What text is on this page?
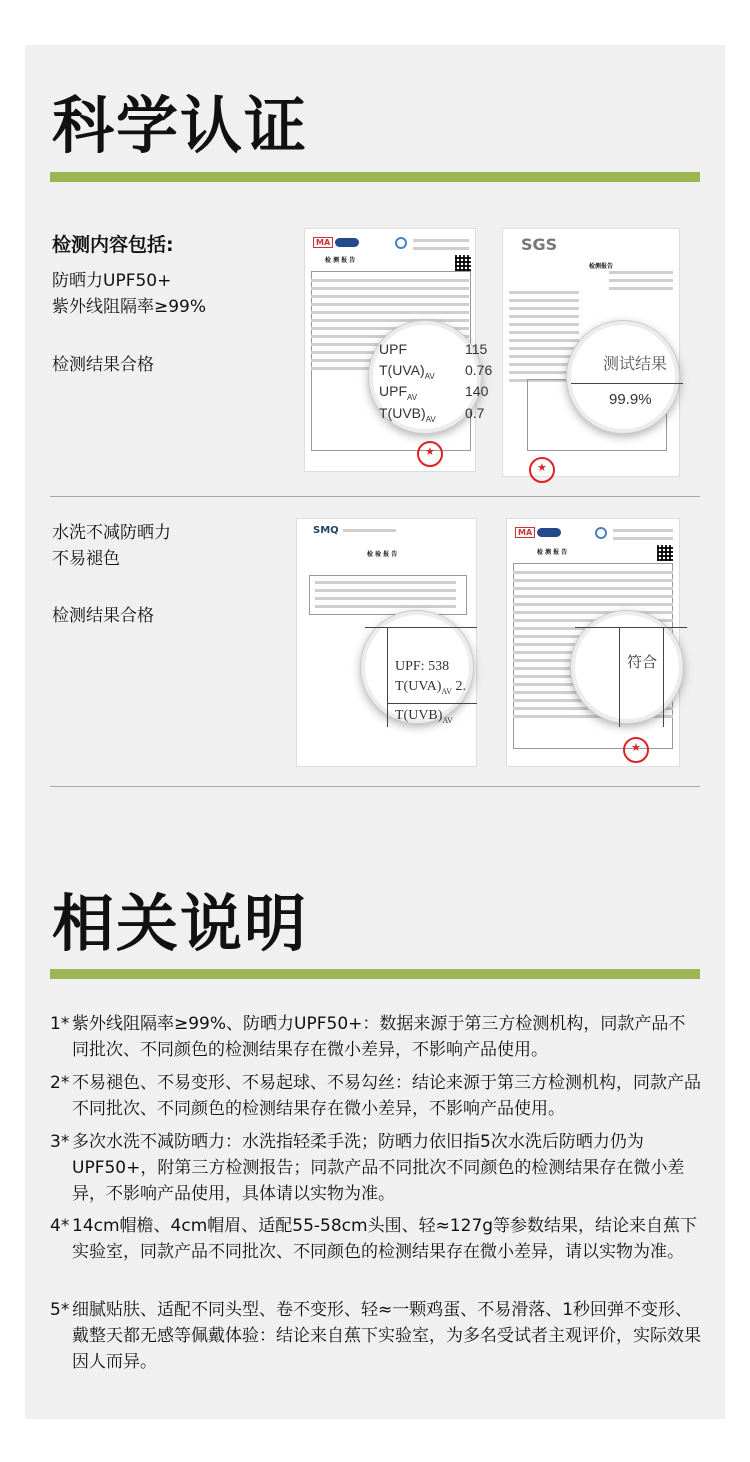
科学认证
检测内容包括:
防晒力UPF50+
紫外线阻隔率≥99%
检测结果合格
MA
检 测 报 告
★
UPF	115
$T(UVA)_{AV}$ 0.76
$UPF_{AV}$	140
$T(UVB)_{AV}$ 0.7
SGS
检测报告
★
测试结果
99.9%
水洗不减防晒力
不易褪色
检测结果合格
SMQ
检 验 报 告
UPF: 538
$T(UVA)_{AV}$ 2.
$T(UVB)_{AV}$
MA
检 测 报 告
★
符合
相关说明
1* 紫外线阻隔率≥99%、防晒力UPF50+：数据来源于第三方检测机构，同款产品不同批次、不同颜色的检测结果存在微小差异，不影响产品使用。
2* 不易褪色、不易变形、不易起球、不易勾丝：结论来源于第三方检测机构，同款产品不同批次、不同颜色的检测结果存在微小差异，不影响产品使用。
3* 多次水洗不减防晒力：水洗指轻柔手洗；防晒力依旧指5次水洗后防晒力仍为UPF50+，附第三方检测报告；同款产品不同批次不同颜色的检测结果存在微小差异，不影响产品使用，具体请以实物为准。
4* 14cm帽檐、4cm帽眉、适配55-58cm头围、轻≈127g等参数结果，结论来自蕉下实验室，同款产品不同批次、不同颜色的检测结果存在微小差异，请以实物为准。
5* 细腻贴肤、适配不同头型、卷不变形、轻≈一颗鸡蛋、不易滑落、1秒回弹不变形、戴整天都无感等佩戴体验：结论来自蕉下实验室，为多名受试者主观评价，实际效果因人而异。
